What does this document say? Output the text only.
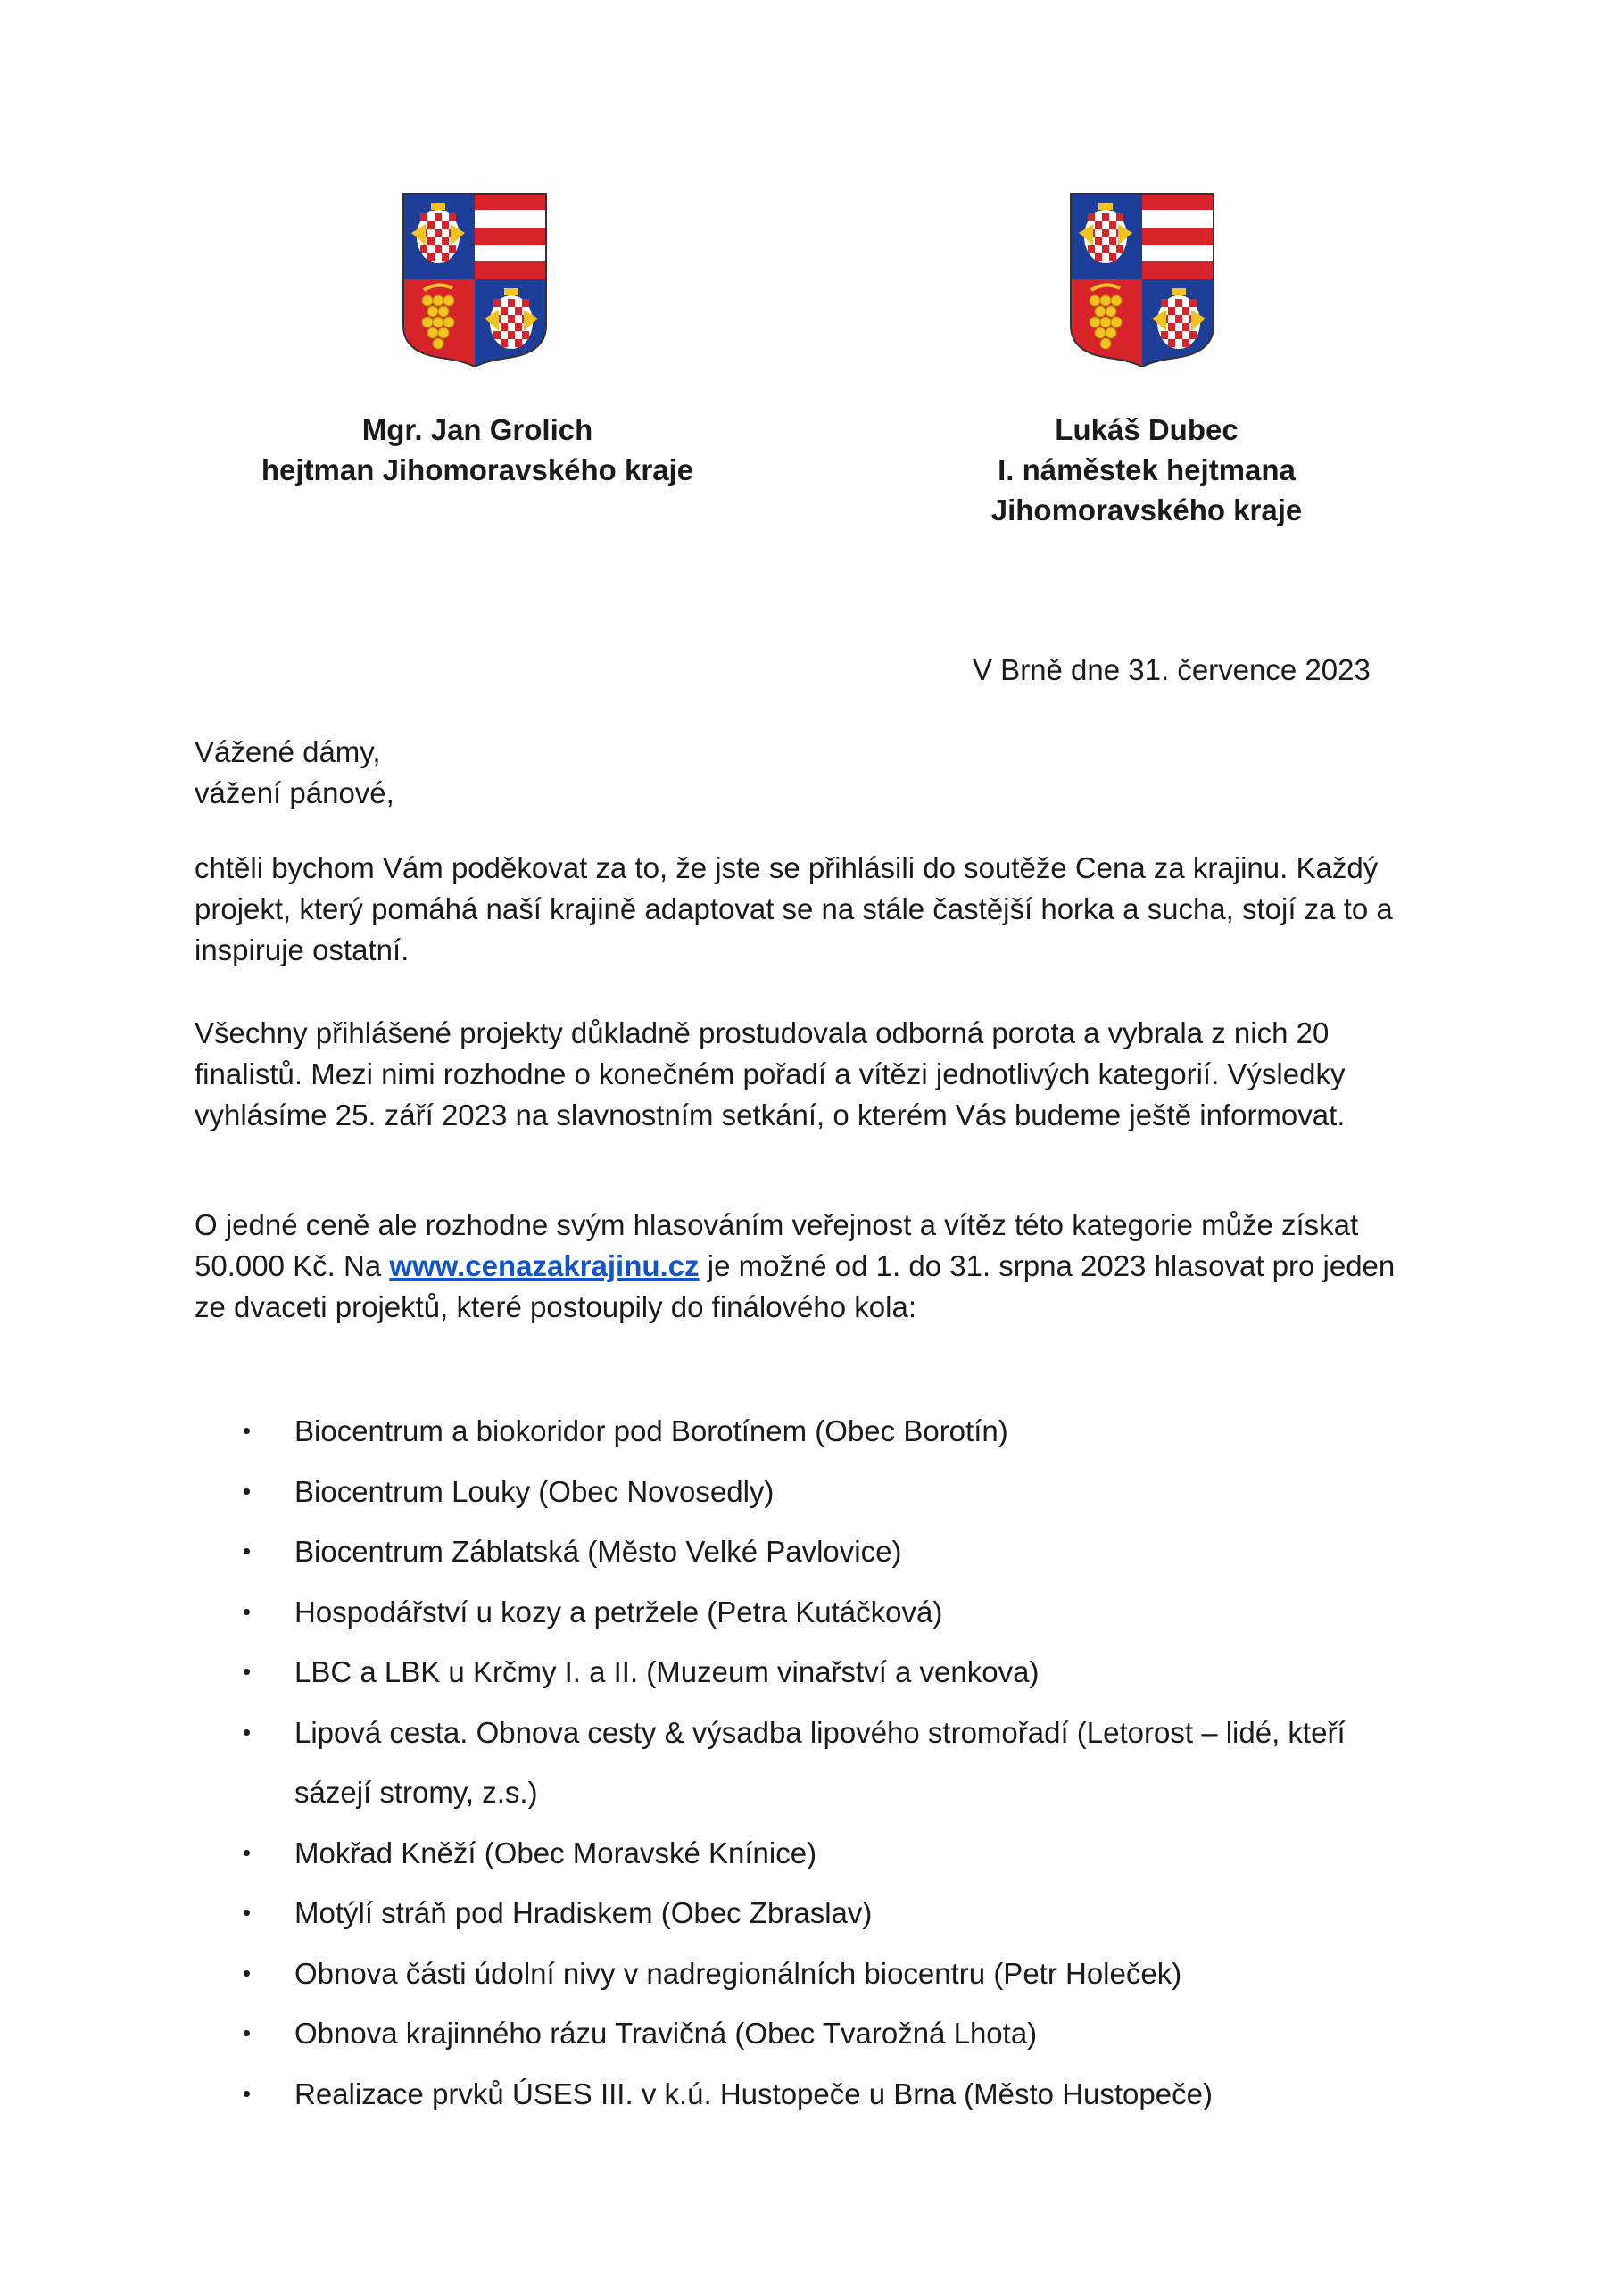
Mgr. Jan Grolich
hejtman Jihomoravského kraje
Lukáš Dubec
I. náměstek hejtmana
Jihomoravského kraje
V Brně dne 31. července 2023
Vážené dámy,
vážení pánové,
chtěli bychom Vám poděkovat za to, že jste se přihlásili do soutěže Cena za krajinu. Každý
projekt, který pomáhá naší krajině adaptovat se na stále častější horka a sucha, stojí za to a
inspiruje ostatní.
Všechny přihlášené projekty důkladně prostudovala odborná porota a vybrala z nich 20
finalistů. Mezi nimi rozhodne o konečném pořadí a vítězi jednotlivých kategorií. Výsledky
vyhlásíme 25. září 2023 na slavnostním setkání, o kterém Vás budeme ještě informovat.
O jedné ceně ale rozhodne svým hlasováním veřejnost a vítěz této kategorie může získat
50.000 Kč. Na www.cenazakrajinu.cz je možné od 1. do 31. srpna 2023 hlasovat pro jeden
ze dvaceti projektů, které postoupily do finálového kola:
• Biocentrum a biokoridor pod Borotínem (Obec Borotín)
• Biocentrum Louky (Obec Novosedly)
• Biocentrum Záblatská (Město Velké Pavlovice)
• Hospodářství u kozy a petržele (Petra Kutáčková)
• LBC a LBK u Krčmy I. a II. (Muzeum vinařství a venkova)
• Lipová cesta. Obnova cesty & výsadba lipového stromořadí (Letorost – lidé, kteří
sázejí stromy, z.s.)
• Mokřad Kněží (Obec Moravské Knínice)
• Motýlí stráň pod Hradiskem (Obec Zbraslav)
• Obnova části údolní nivy v nadregionálních biocentru (Petr Holeček)
• Obnova krajinného rázu Travičná (Obec Tvarožná Lhota)
• Realizace prvků ÚSES III. v k.ú. Hustopeče u Brna (Město Hustopeče)
